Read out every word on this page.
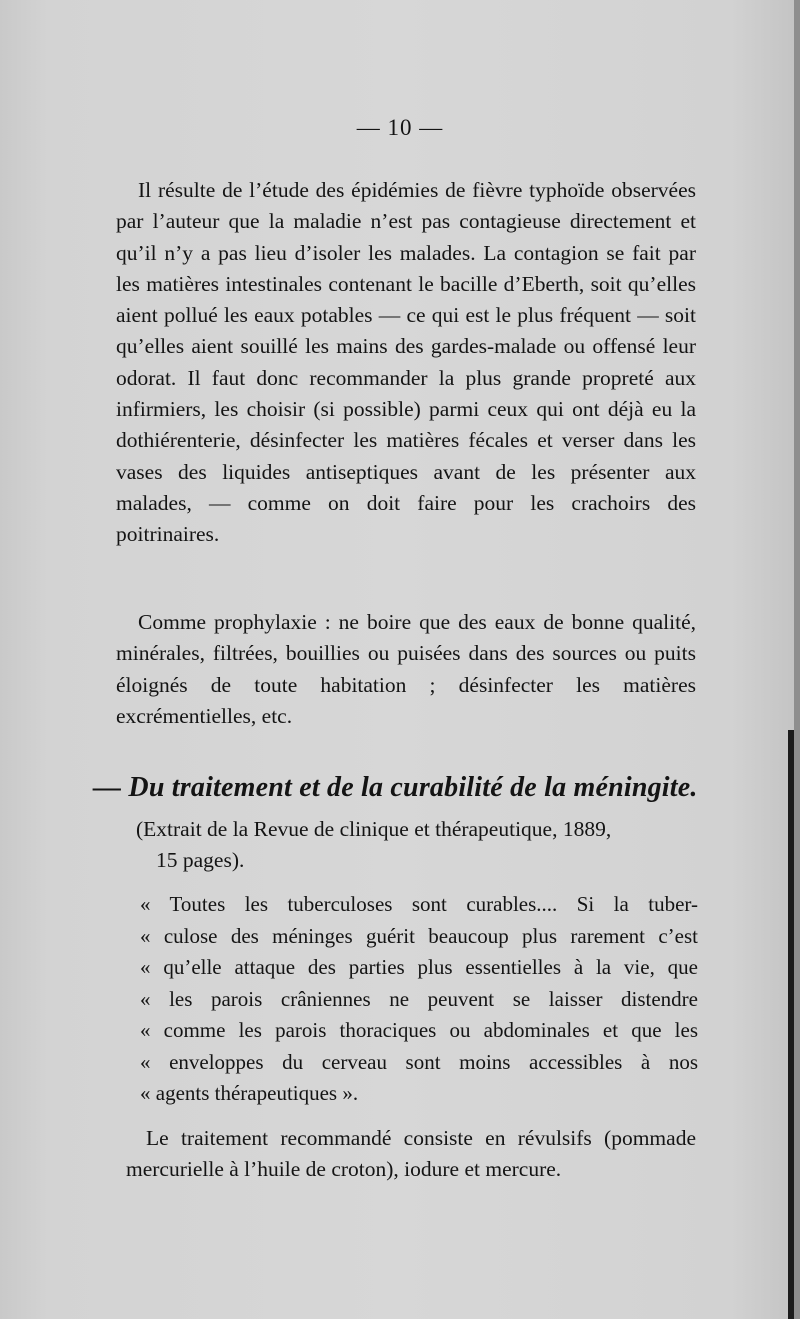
— 10 —

Il résulte de l’étude des épidémies de fièvre typhoïde observées par l’auteur que la maladie n’est pas contagieuse directement et qu’il n’y a pas lieu d’isoler les malades. La contagion se fait par les matières intestinales contenant le bacille d’Eberth, soit qu’elles aient pollué les eaux potables — ce qui est le plus fréquent — soit qu’elles aient souillé les mains des gardes-malade ou offensé leur odorat. Il faut donc recommander la plus grande propreté aux infirmiers, les choisir (si possible) parmi ceux qui ont déjà eu la dothiérenterie, désinfecter les matières fécales et verser dans les vases des liquides antiseptiques avant de les présenter aux malades, — comme on doit faire pour les crachoirs des poitrinaires.

Comme prophylaxie : ne boire que des eaux de bonne qualité, minérales, filtrées, bouillies ou puisées dans des sources ou puits éloignés de toute habitation ; désinfecter les matières excrémentielles, etc.

— Du traitement et de la curabilité de la méningite.

(Extrait de la Revue de clinique et thérapeutique, 1889,
15 pages).

« Toutes les tuberculoses sont curables.... Si la tuber-
« culose des méninges guérit beaucoup plus rarement c’est
« qu’elle attaque des parties plus essentielles à la vie, que
« les parois crâniennes ne peuvent se laisser distendre
« comme les parois thoraciques ou abdominales et que les
« enveloppes du cerveau sont moins accessibles à nos
« agents thérapeutiques ».

Le traitement recommandé consiste en révulsifs (pommade mercurielle à l’huile de croton), iodure et mercure.
